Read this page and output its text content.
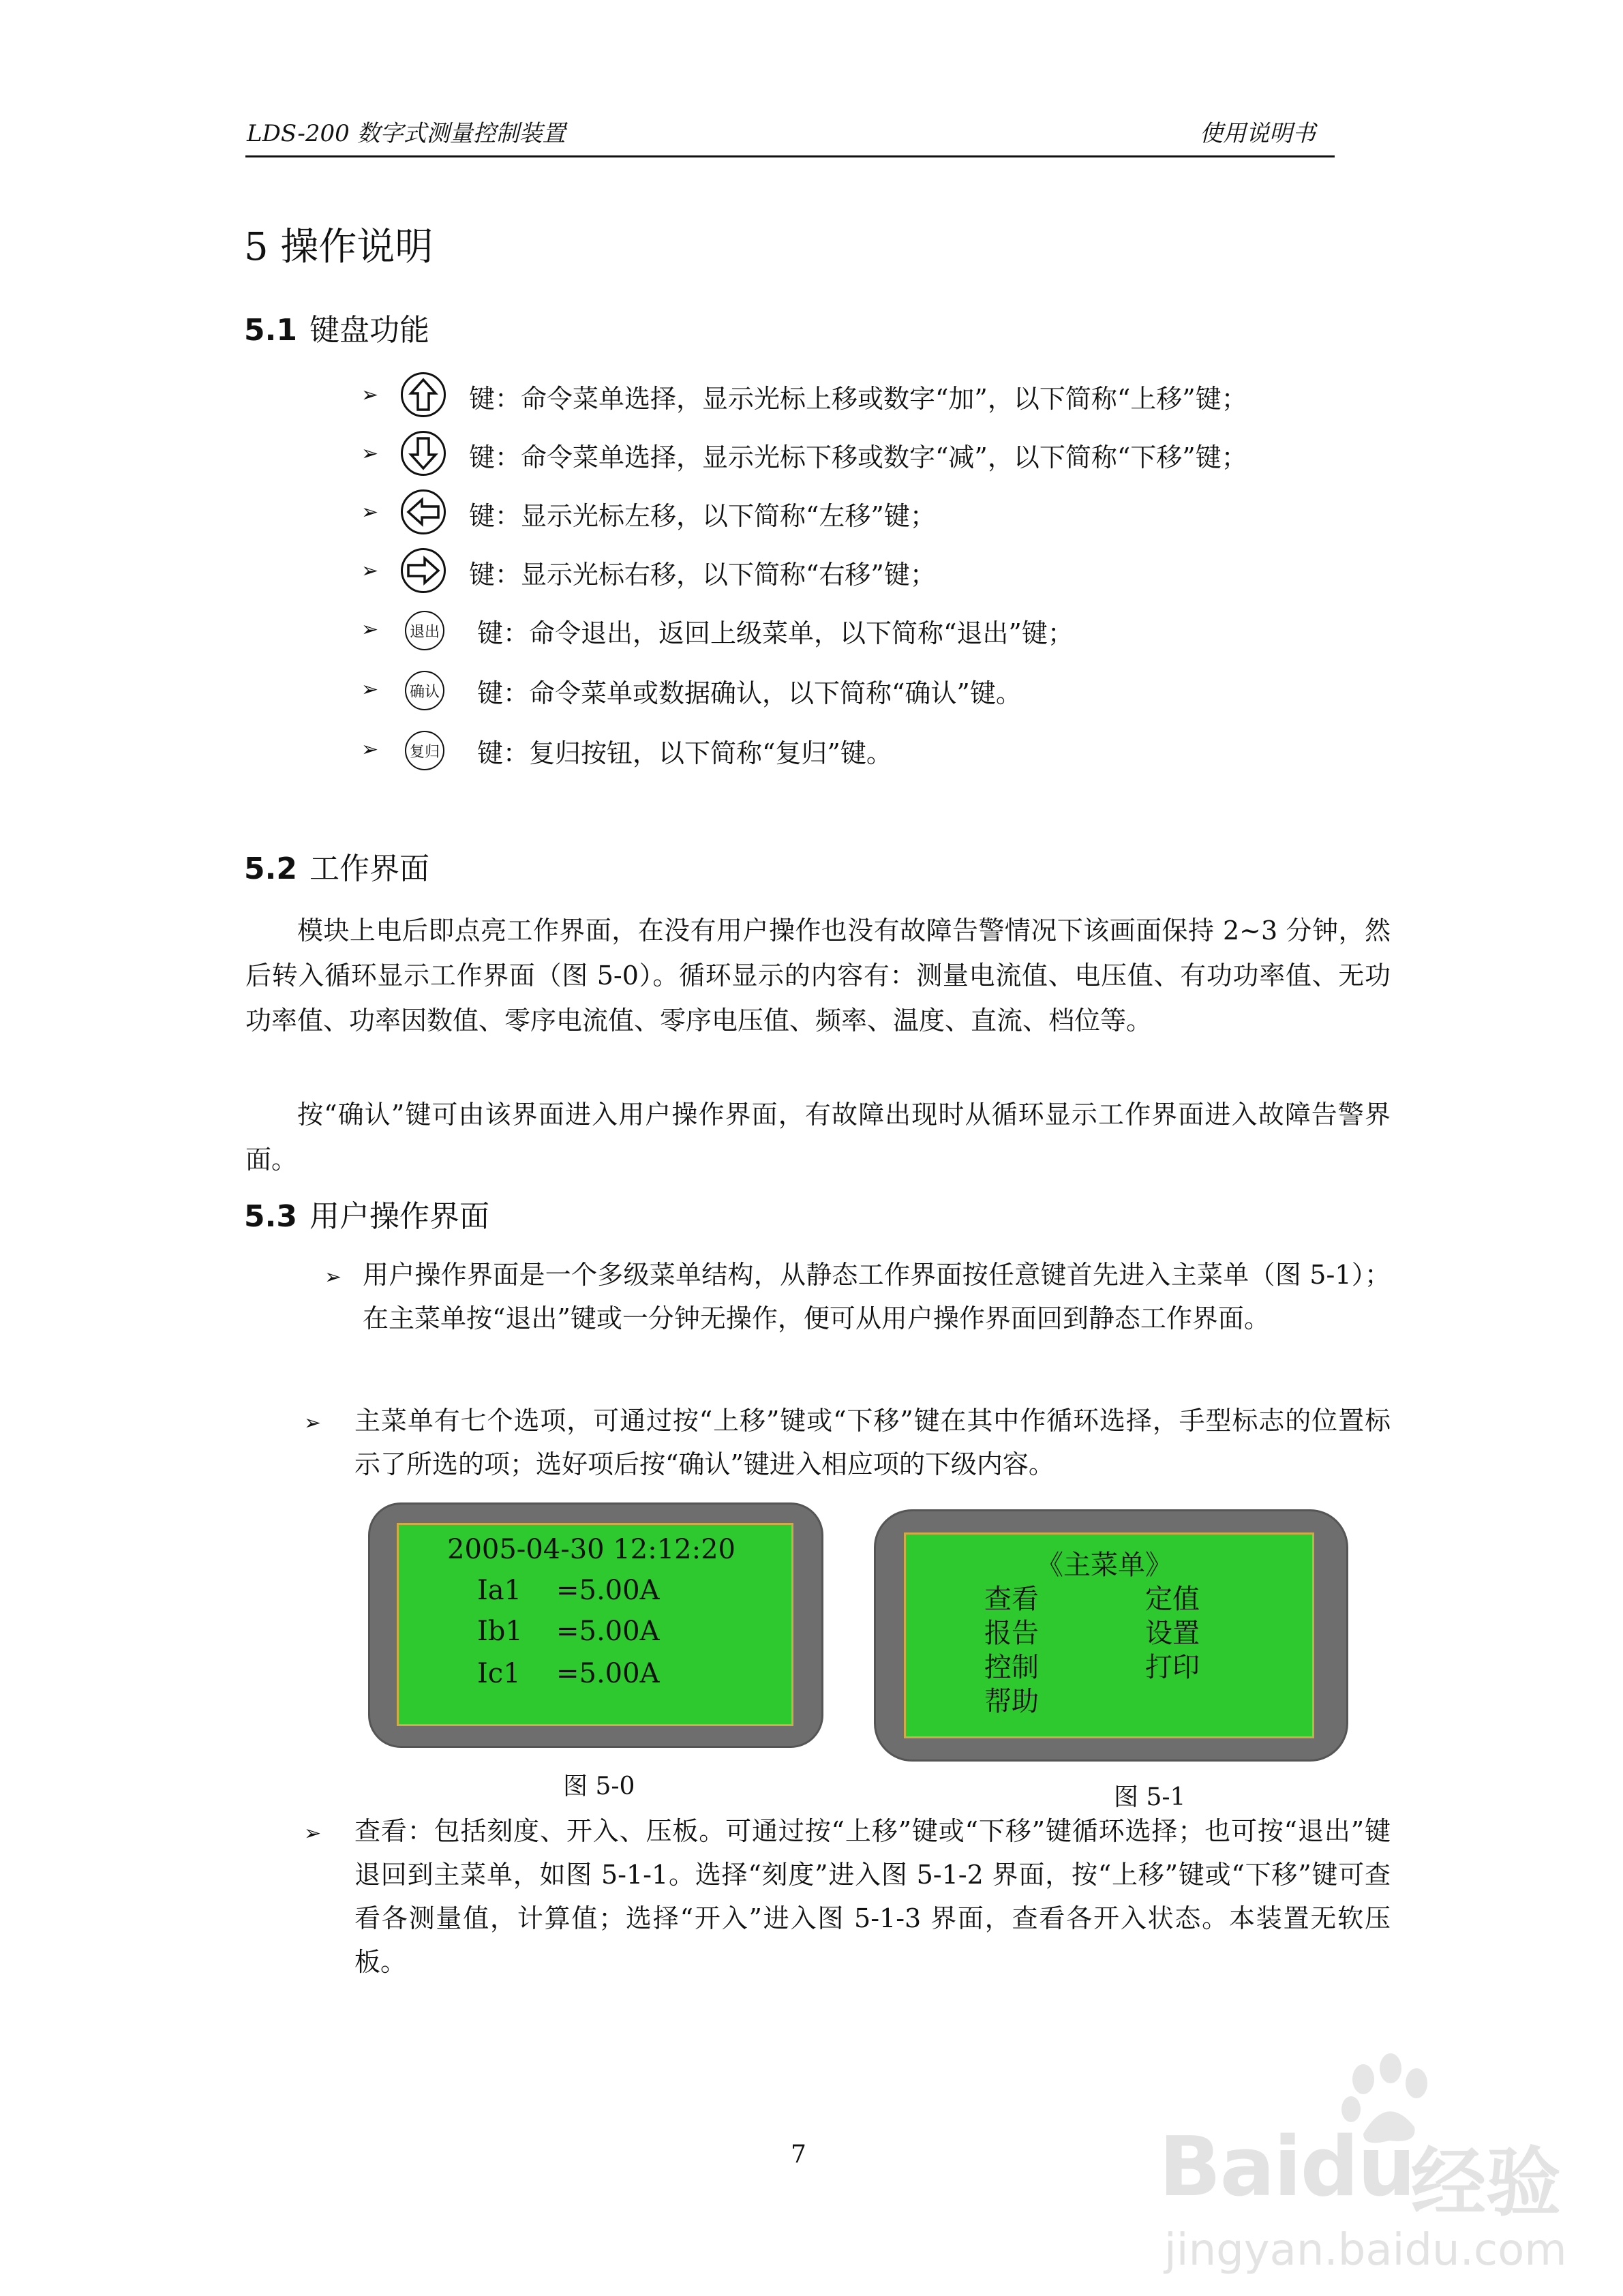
LDS-200 数字式测量控制装置	使用说明书
5 操作说明
5.1 键盘功能
➢	键：命令菜单选择，显示光标上移或数字“加”，以下简称“上移”键；
➢	键：命令菜单选择，显示光标下移或数字“减”，以下简称“下移”键；
➢	键：显示光标左移，以下简称“左移”键；
➢	键：显示光标右移，以下简称“右移”键；
➢	退出 键：命令退出，返回上级菜单，以下简称“退出”键；
➢	确认 键：命令菜单或数据确认，以下简称“确认”键。
➢	复归 键：复归按钮，以下简称“复归”键。
5.2 工作界面
模块上电后即点亮工作界面，在没有用户操作也没有故障告警情况下该画面保持 2~3 分钟，然后转入循环显示工作界面（图 5-0）。循环显示的内容有：测量电流值、电压值、有功功率值、无功功率值、功率因数值、零序电流值、零序电压值、频率、温度、直流、档位等。
按“确认”键可由该界面进入用户操作界面，有故障出现时从循环显示工作界面进入故障告警界面。
5.3 用户操作界面
➢ 用户操作界面是一个多级菜单结构，从静态工作界面按任意键首先进入主菜单（图 5-1）；在主菜单按“退出”键或一分钟无操作，便可从用户操作界面回到静态工作界面。
➢ 主菜单有七个选项，可通过按“上移”键或“下移”键在其中作循环选择，手型标志的位置标示了所选的项；选好项后按“确认”键进入相应项的下级内容。
2005-04-30 12:12:20
Ia1 =5.00A
Ib1 =5.00A
Ic1 =5.00A
图 5-0
《主菜单》
查看
报告
控制
帮助
定值
设置
打印
图 5-1
➢ 查看：包括刻度、开入、压板。可通过按“上移”键或“下移”键循环选择；也可按“退出”键退回到主菜单，如图 5-1-1。选择“刻度”进入图 5-1-2 界面，按“上移”键或“下移”键可查看各测量值，计算值；选择“开入”进入图 5-1-3 界面，查看各开入状态。本装置无软压板。
7	Baidu
经验
jingyan.baidu.com
